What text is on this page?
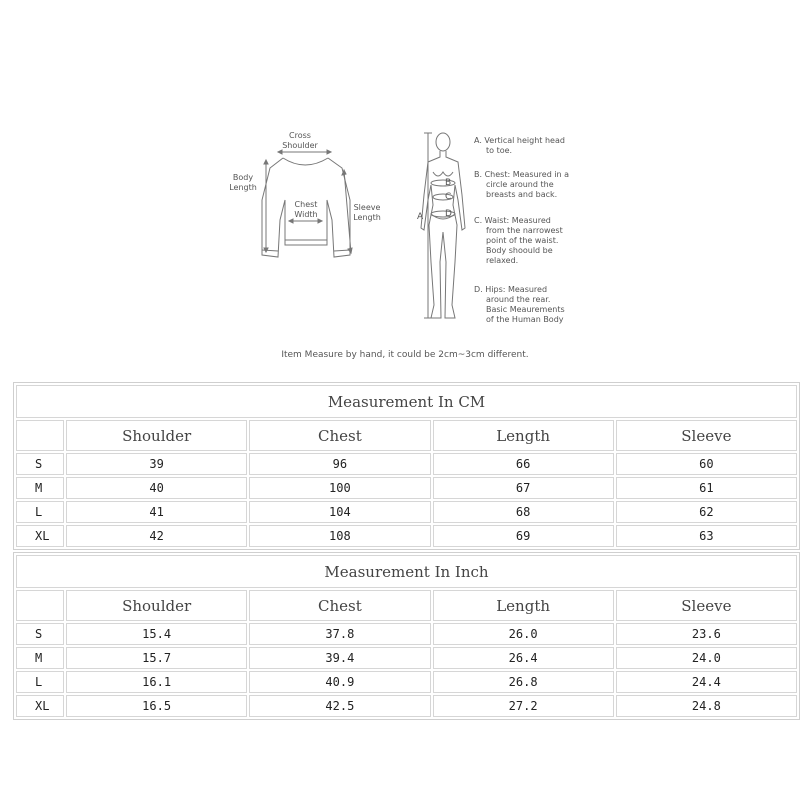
Cross
Shoulder
Body
Length
Chest
Width
Sleeve
Length	A
B
C
D
A. Vertical height head
to toe.
B. Chest: Measured in a
circle around the
breasts and back.
C. Waist: Measured
from the narrowest
point of the waist.
Body shoould be
relaxed.
D. Hips: Measured
around the rear.
Basic Meaurements
of the Human Body
Item Measure by hand, it could be 2cm~3cm different.
Measurement In CM				
	Shoulder	Chest	Length	Sleeve
S	39	96	66	60
M	40	100	67	61
L	41	104	68	62
XL	42	108	69	63
Measurement In Inch				
	Shoulder	Chest	Length	Sleeve
S	15.4	37.8	26.0	23.6
M	15.7	39.4	26.4	24.0
L	16.1	40.9	26.8	24.4
XL	16.5	42.5	27.2	24.8
